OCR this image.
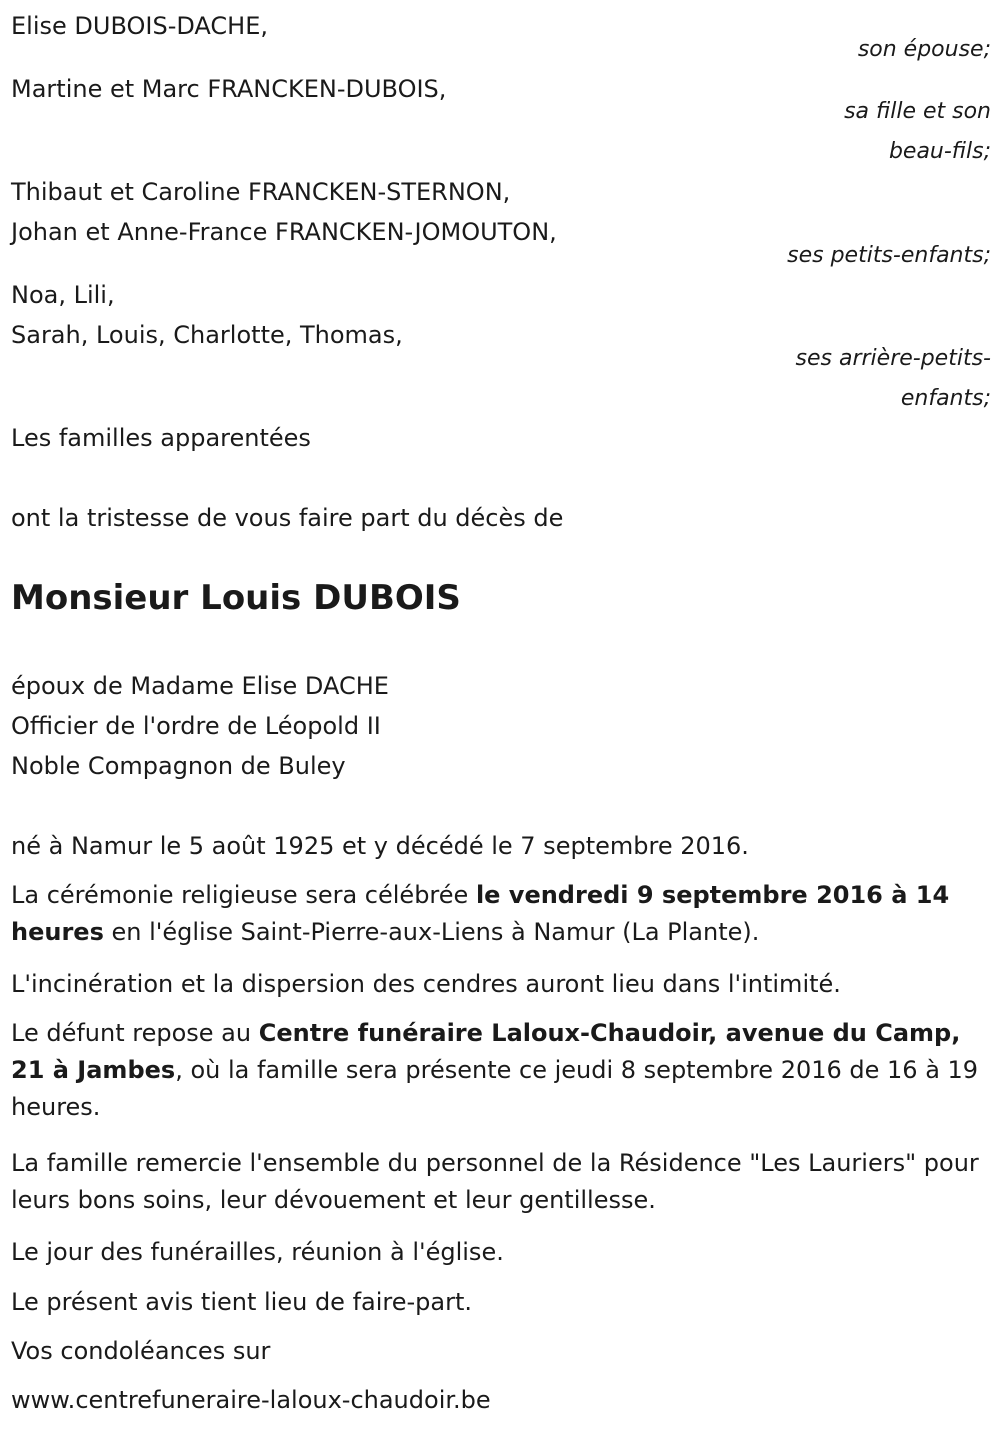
Elise DUBOIS-DACHE,
son épouse;
Martine et Marc FRANCKEN-DUBOIS,
sa fille et son
beau-fils;
Thibaut et Caroline FRANCKEN-STERNON,
Johan et Anne-France FRANCKEN-JOMOUTON,
ses petits-enfants;
Noa, Lili,
Sarah, Louis, Charlotte, Thomas,
ses arrière-petits-
enfants;
Les familles apparentées
ont la tristesse de vous faire part du décès de
Monsieur Louis DUBOIS
époux de Madame Elise DACHE
Officier de l'ordre de Léopold II
Noble Compagnon de Buley
né à Namur le 5 août 1925 et y décédé le 7 septembre 2016.
La cérémonie religieuse sera célébrée le vendredi 9 septembre 2016 à 14 heures en l'église Saint-Pierre-aux-Liens à Namur (La Plante).
L'incinération et la dispersion des cendres auront lieu dans l'intimité.
Le défunt repose au Centre funéraire Laloux-Chaudoir, avenue du Camp, 21 à Jambes, où la famille sera présente ce jeudi 8 septembre 2016 de 16 à 19 heures.
La famille remercie l'ensemble du personnel de la Résidence "Les Lauriers" pour leurs bons soins, leur dévouement et leur gentillesse.
Le jour des funérailles, réunion à l'église.
Le présent avis tient lieu de faire-part.
Vos condoléances sur
www.centrefuneraire-laloux-chaudoir.be
